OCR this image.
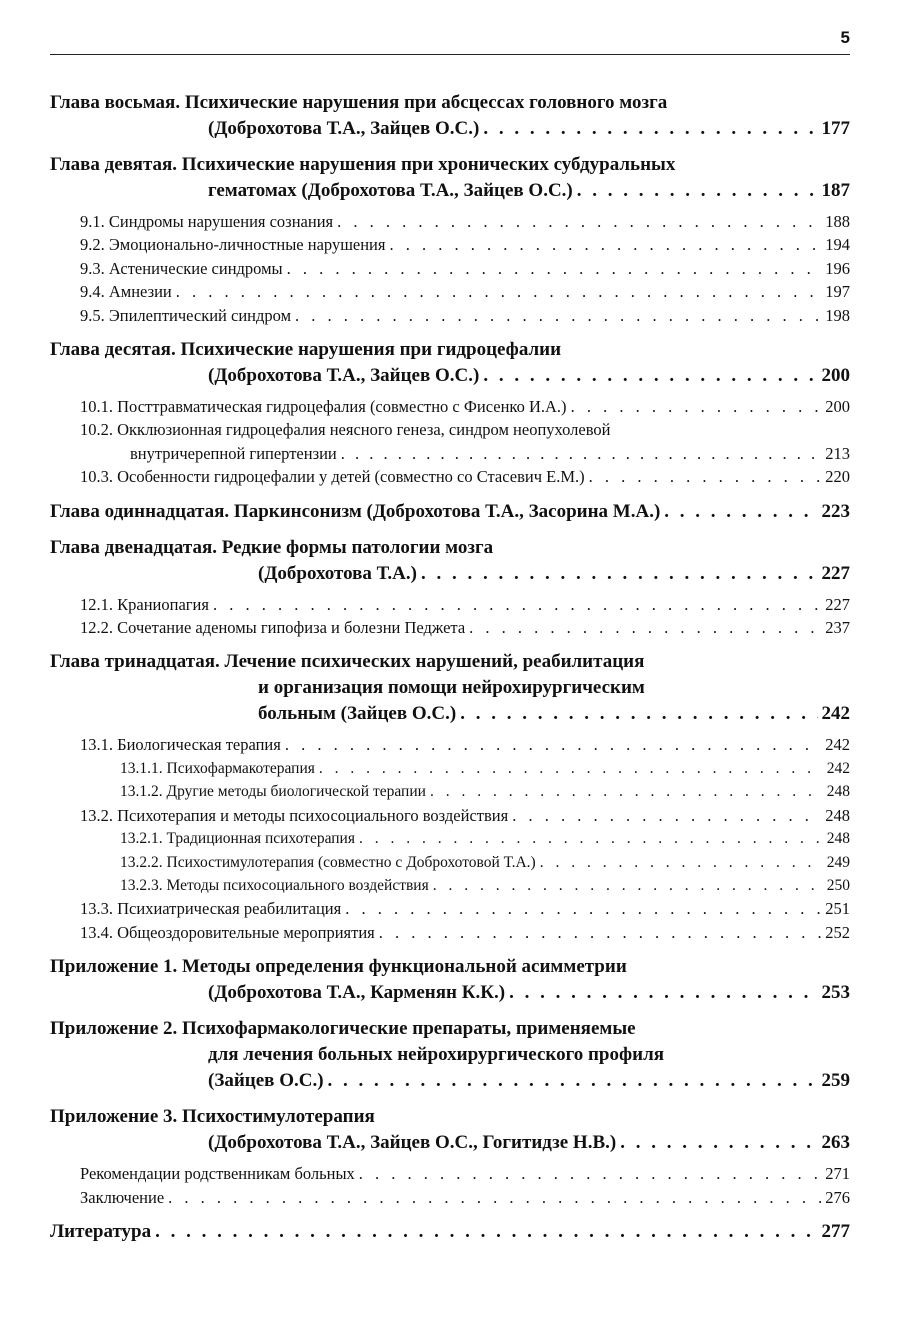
5
Глава восьмая. Психические нарушения при абсцессах головного мозга
(Доброхотова Т.А., Зайцев О.С.) . . .	177
Глава девятая. Психические нарушения при хронических субдуральных
гематомах (Доброхотова Т.А., Зайцев О.С.) . . .	187
9.1. Синдромы нарушения сознания . . .	188
9.2. Эмоционально-личностные нарушения . . .	194
9.3. Астенические синдромы . . .	196
9.4. Амнезии . . .	197
9.5. Эпилептический синдром . . .	198
Глава десятая. Психические нарушения при гидроцефалии
(Доброхотова Т.А., Зайцев О.С.) . . .	200
10.1. Посттравматическая гидроцефалия (совместно с Фисенко И.А.) . . .	200
10.2. Окклюзионная гидроцефалия неясного генеза, синдром неопухолевой
внутричерепной гипертензии . . .	213
10.3. Особенности гидроцефалии у детей (совместно со Стасевич Е.М.) . . .	220
Глава одиннадцатая. Паркинсонизм (Доброхотова Т.А., Засорина М.А.) . . .	223
Глава двенадцатая. Редкие формы патологии мозга
(Доброхотова Т.А.) . . .	227
12.1. Краниопагия . . .	227
12.2. Сочетание аденомы гипофиза и болезни Педжета . . .	237
Глава тринадцатая. Лечение психических нарушений, реабилитация
и организация помощи нейрохирургическим
больным (Зайцев О.С.) . . .	242
13.1. Биологическая терапия . . .	242
13.1.1. Психофармакотерапия . . .	242
13.1.2. Другие методы биологической терапии . . .	248
13.2. Психотерапия и методы психосоциального воздействия . . .	248
13.2.1. Традиционная психотерапия . . .	248
13.2.2. Психостимулотерапия (совместно с Доброхотовой Т.А.) . . .	249
13.2.3. Методы психосоциального воздействия . . .	250
13.3. Психиатрическая реабилитация . . .	251
13.4. Общеоздоровительные мероприятия . . .	252
Приложение 1. Методы определения функциональной асимметрии
(Доброхотова Т.А., Карменян К.К.) . . .	253
Приложение 2. Психофармакологические препараты, применяемые
для лечения больных нейрохирургического профиля
(Зайцев О.С.) . . .	259
Приложение 3. Психостимулотерапия
(Доброхотова Т.А., Зайцев О.С., Гогитидзе Н.В.) . . .	263
Рекомендации родственникам больных . . .	271
Заключение . . .	276
Литература . . .	277
